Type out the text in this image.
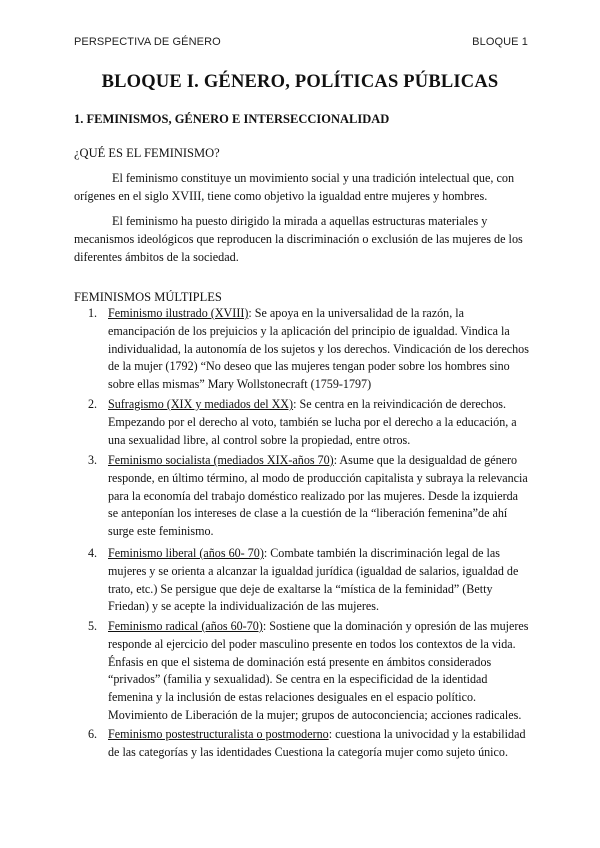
PERSPECTIVA DE GÉNERO	BLOQUE 1
BLOQUE I. GÉNERO, POLÍTICAS PÚBLICAS
1. FEMINISMOS, GÉNERO E INTERSECCIONALIDAD
¿QUÉ ES EL FEMINISMO?

El feminismo constituye un movimiento social y una tradición intelectual que, con orígenes en el siglo XVIII, tiene como objetivo la igualdad entre mujeres y hombres.

El feminismo ha puesto dirigido la mirada a aquellas estructuras materiales y mecanismos ideológicos que reproducen la discriminación o exclusión de las mujeres de los diferentes ámbitos de la sociedad.

FEMINISMOS MÚLTIPLES
1. Feminismo ilustrado (XVIII): Se apoya en la universalidad de la razón, la emancipación de los prejuicios y la aplicación del principio de igualdad. Vindica la individualidad, la autonomía de los sujetos y los derechos. Vindicación de los derechos de la mujer (1792) “No deseo que las mujeres tengan poder sobre los hombres sino sobre ellas mismas” Mary Wollstonecraft (1759-1797)
2. Sufragismo (XIX y mediados del XX): Se centra en la reivindicación de derechos. Empezando por el derecho al voto, también se lucha por el derecho a la educación, a una sexualidad libre, al control sobre la propiedad, entre otros.
3. Feminismo socialista (mediados XIX-años 70): Asume que la desigualdad de género responde, en último término, al modo de producción capitalista y subraya la relevancia para la economía del trabajo doméstico realizado por las mujeres. Desde la izquierda se anteponían los intereses de clase a la cuestión de la “liberación femenina”de ahí surge este feminismo.
4. Feminismo liberal (años 60- 70): Combate también la discriminación legal de las mujeres y se orienta a alcanzar la igualdad jurídica (igualdad de salarios, igualdad de trato, etc.) Se persigue que deje de exaltarse la “mística de la feminidad” (Betty Friedan) y se acepte la individualización de las mujeres.
5. Feminismo radical (años 60-70): Sostiene que la dominación y opresión de las mujeres responde al ejercicio del poder masculino presente en todos los contextos de la vida. Énfasis en que el sistema de dominación está presente en ámbitos considerados “privados” (familia y sexualidad). Se centra en la especificidad de la identidad femenina y la inclusión de estas relaciones desiguales en el espacio político. Movimiento de Liberación de la mujer; grupos de autoconciencia; acciones radicales.
6. Feminismo postestructuralista o postmoderno: cuestiona la univocidad y la estabilidad de las categorías y las identidades Cuestiona la categoría mujer como sujeto único.
